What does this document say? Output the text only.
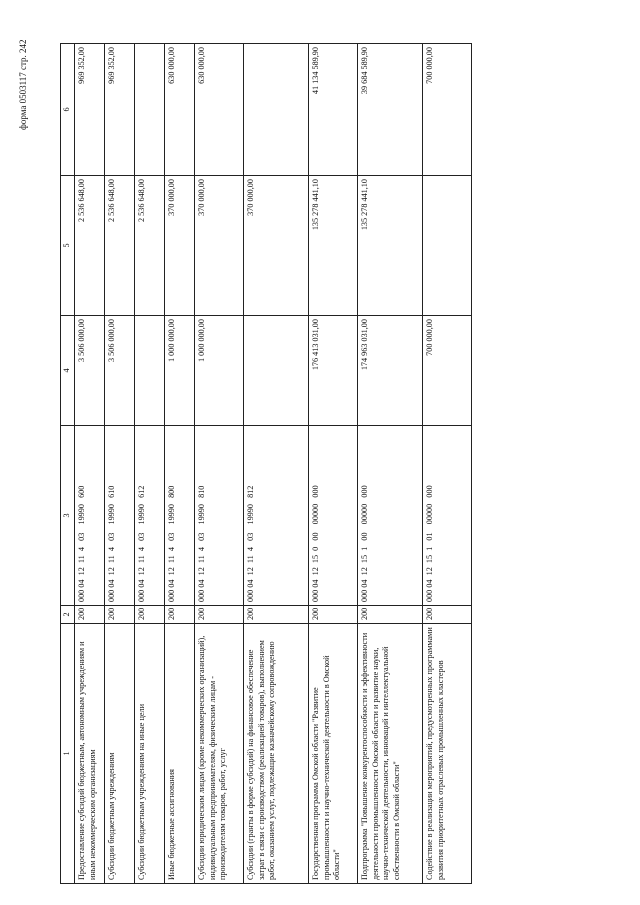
форма 0503117 стр. 242
1	2	3	4	5	6
Предоставление субсидий бюджетным, автономным учреждениям и иным некоммерческим организациям	200	000 04  12  11  4   03    19990   600	3 506 000,00	2 536 648,00	969 352,00
Субсидии бюджетным учреждениям	200	000 04  12  11  4   03    19990   610	3 506 000,00	2 536 648,00	969 352,00
Субсидии бюджетным учреждениям на иные цели	200	000 04  12  11  4   03    19990   612		2 536 648,00	
Иные бюджетные ассигнования	200	000 04  12  11  4   03    19990   800	1 000 000,00	370 000,00	630 000,00
Субсидии юридическим лицам (кроме некоммерческих организаций), индивидуальным предпринимателям, физическим лицам - производителям товаров, работ, услуг	200	000 04  12  11  4   03    19990   810	1 000 000,00	370 000,00	630 000,00
Субсидии (гранты в форме субсидий) на финансовое обеспечение затрат в связи с производством (реализацией товаров), выполнением работ, оказанием услуг, подлежащие казначейскому сопровождению	200	000 04  12  11  4   03    19990   812		370 000,00	
Государственная программа Омской области "Развитие промышленности и научно-технической деятельности в Омской области"	200	000 04  12  15  0   00    00000   000	176 413 031,00	135 278 441,10	41 134 589,90
Подпрограмма "Повышение конкурентоспособности и эффективности деятельности промышленности Омской области и развитие науки, научно-технической деятельности, инноваций и интеллектуальной собственности в Омской области"	200	000 04  12  15  1   00    00000   000	174 963 031,00	135 278 441,10	39 684 589,90
Содействие в реализации мероприятий, предусмотренных программами развития приоритетных отраслевых промышленных кластеров	200	000 04  12  15  1   01    00000   000	700 000,00		700 000,00
